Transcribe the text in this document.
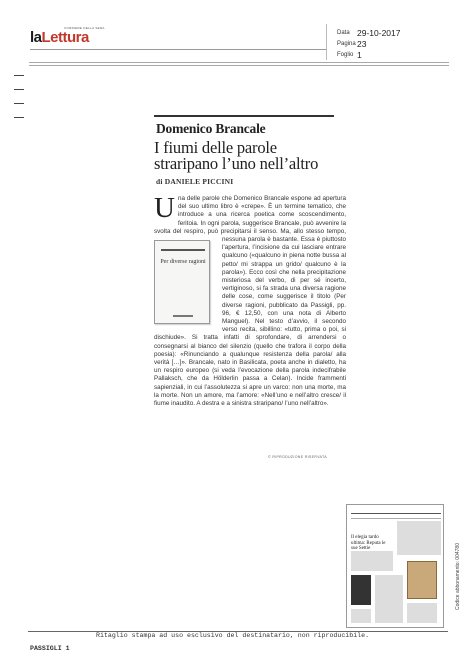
laLettura
CORRIERE DELLA SERA
Data 29-10-2017
Pagina 23
Foglio 1
Domenico Brancale
I fiumi delle parole straripano l’uno nell’altro
di DANIELE PICCINI
Una delle parole che Domenico Brancale espone ad apertura del suo ultimo libro è «crepe». È un termine tematico, che introduce a una ricerca poetica come scoscendimento, feritoia. In ogni parola, suggerisce Brancale, può avvenire la svolta del respiro, può precipitarsi il senso. Ma, allo stesso tempo, nessuna parola è bastante. Essa è piuttosto
Per diverse ragioni
l’apertura, l’incisione da cui lasciare entrare qualcuno («qualcuno in piena notte bussa al petto/ mi strappa un grido/ qualcuno è la parola»). Ecco così che nella precipitazione misteriosa del verbo, di per sé incerto, vertiginoso, si fa strada una diversa ragione delle cose, come suggerisce il titolo (Per diverse ragioni, pubblicato da Passigli, pp. 96, € 12,50, con una nota di Alberto Manguel). Nel testo d’avvio, il secondo verso recita, sibillino: «tutto, prima o poi, si dischiude». Si tratta infatti di sprofondare, di arrendersi o consegnarsi al bianco del silenzio (quello che trafora il corpo della poesia): «Rinunciando a qualunque resistenza della parola/ alla verità […]». Brancale, nato in Basilicata, poeta anche in dialetto, ha un respiro europeo (si veda l’evocazione della parola indecifrabile Pallaksch, che da Hölderlin passa a Celan). Incide frammenti sapienziali, in cui l’assolutezza si apre un varco: non una morte, ma la morte. Non un amore, ma l’amore: «Nell’uno e nell’altro cresce/ il fiume inaudito. A destra e a sinistra straripano/ l’uno nell’altro».
© RIPRODUZIONE RISERVATA
Il elegia tardo ultima: Reputa le sue Settie	Codice abbonamento: 004780
Ritaglio stampa ad uso esclusivo del destinatario, non riproducibile.
PASSIGLI 1
